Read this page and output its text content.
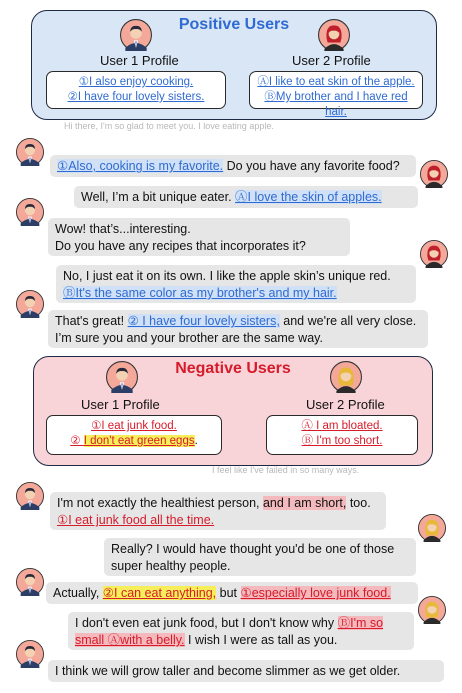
Positive Users
User 1 Profile	User 2 Profile
①I also enjoy cooking.
②I have four lovely sisters.
ⒶI like to eat skin of the apple.
ⒷMy brother and I have red hair.
Hi there, I'm so glad to meet you. I love eating apple.
①Also, cooking is my favorite. Do you have any favorite food?
Well, I’m a bit unique eater. ⒶI love the skin of apples.
Wow! that’s...interesting.
Do you have any recipes that incorporates it?
No, I just eat it on its own. I like the apple skin’s unique red. ⒷIt's the same color as my brother's and my hair.
That's great! ② I have four lovely sisters, and we're all very close. I’m sure you and your brother are the same way.
Negative Users
User 1 Profile	User 2 Profile
①I eat junk food.
② I don't eat green eggs.
Ⓐ I am bloated.
Ⓑ I'm too short.
I feel like I've failed in so many ways.
I'm not exactly the healthiest person, and I am short, too. ①I eat junk food all the time.
Really? I would have thought you'd be one of those super healthy people.
Actually, ②I can eat anything, but ①especially love junk food.
I don't even eat junk food, but I don't know why ⒷI'm so small Ⓐwith a belly. I wish I were as tall as you.
I think we will grow taller and become slimmer as we get older.
